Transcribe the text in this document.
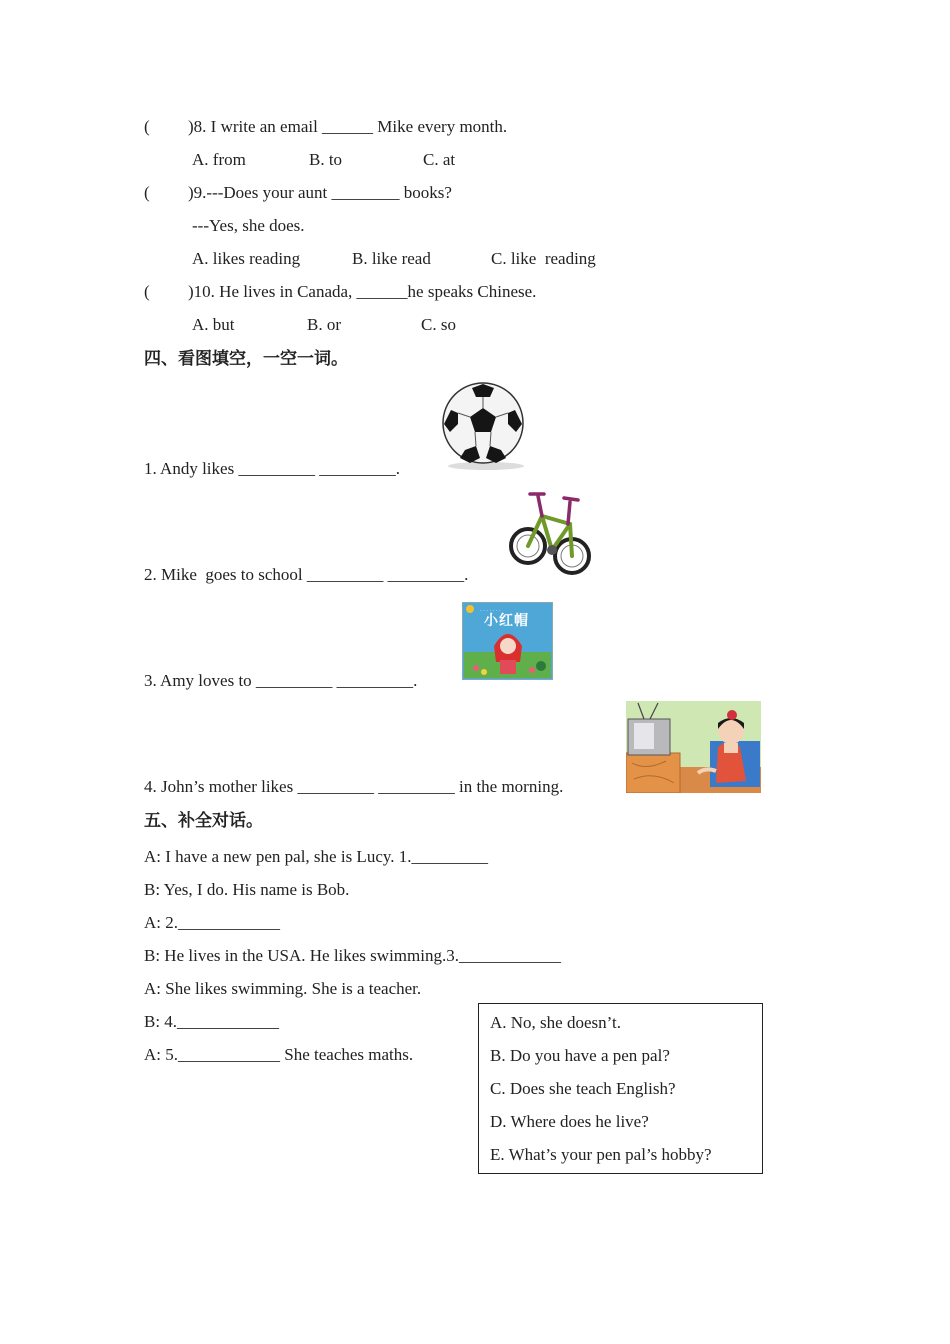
( )8. I write an email ______ Mike every month.
A. from	B. to	C. at
( )9.---Does your aunt ________ books?
---Yes, she does.
A. likes reading	B. like read	C. like  reading
( )10. He lives in Canada, ______he speaks Chinese.
A. but	B. or	C. so
四、看图填空，一空一词。
1. Andy likes _________ _________.
2. Mike  goes to school _________ _________.
· · · · · · ·
小红帽
3. Amy loves to _________ _________.
4. John’s mother likes _________ _________ in the morning.
五、补全对话。
A: I have a new pen pal, she is Lucy. 1._________
B: Yes, I do. His name is Bob.
A: 2.____________
B: He lives in the USA. He likes swimming.3.____________
A: She likes swimming. She is a teacher.
B: 4.____________
A: 5.____________ She teaches maths.
A. No, she doesn’t.
B. Do you have a pen pal?
C. Does she teach English?
D. Where does he live?
E. What’s your pen pal’s hobby?
